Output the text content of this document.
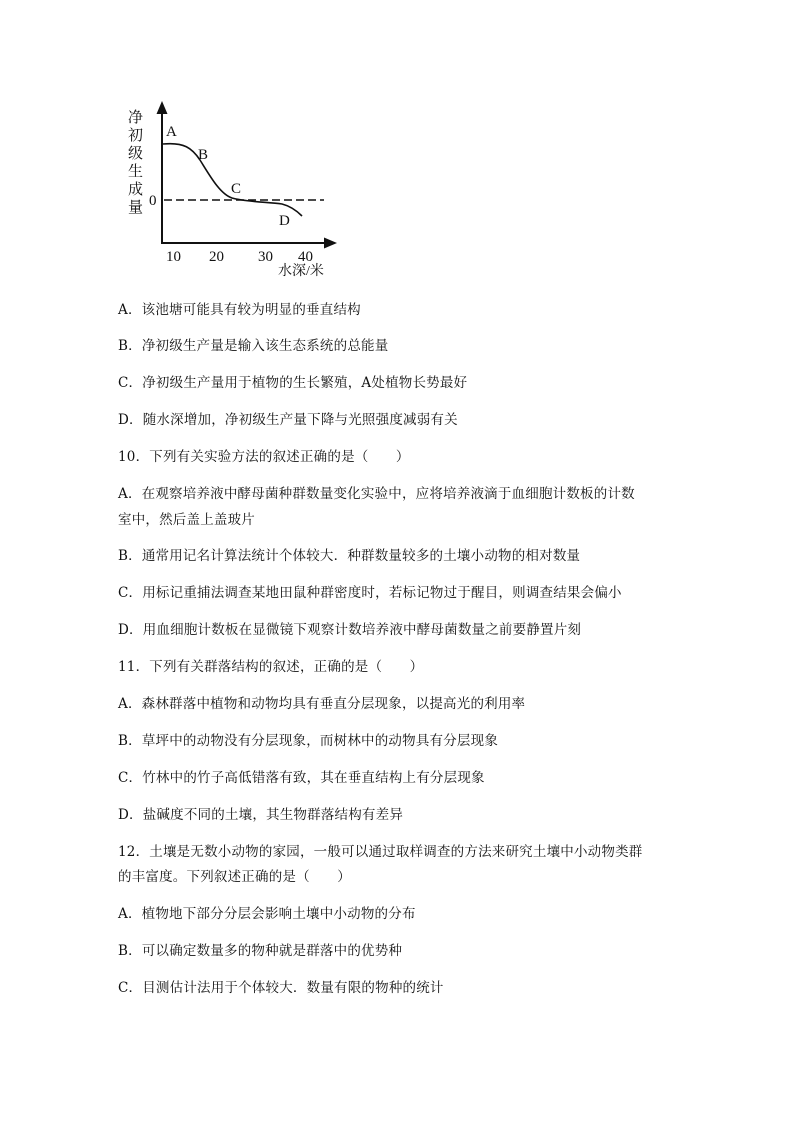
净
初
级
生
成
量 0
A
B
C
D
10 20 30 40
水深/米
A．该池塘可能具有较为明显的垂直结构
B．净初级生产量是输入该生态系统的总能量
C．净初级生产量用于植物的生长繁殖，A处植物长势最好
D．随水深增加，净初级生产量下降与光照强度减弱有关
10．下列有关实验方法的叙述正确的是（　　）
A．在观察培养液中酵母菌种群数量变化实验中，应将培养液滴于血细胞计数板的计数
室中，然后盖上盖玻片
B．通常用记名计算法统计个体较大．种群数量较多的土壤小动物的相对数量
C．用标记重捕法调查某地田鼠种群密度时，若标记物过于醒目，则调查结果会偏小
D．用血细胞计数板在显微镜下观察计数培养液中酵母菌数量之前要静置片刻
11．下列有关群落结构的叙述，正确的是（　　）
A．森林群落中植物和动物均具有垂直分层现象，以提高光的利用率
B．草坪中的动物没有分层现象，而树林中的动物具有分层现象
C．竹林中的竹子高低错落有致，其在垂直结构上有分层现象
D．盐碱度不同的土壤，其生物群落结构有差异
12．土壤是无数小动物的家园，一般可以通过取样调查的方法来研究土壤中小动物类群
的丰富度。下列叙述正确的是（　　）
A．植物地下部分分层会影响土壤中小动物的分布
B．可以确定数量多的物种就是群落中的优势种
C．目测估计法用于个体较大．数量有限的物种的统计
